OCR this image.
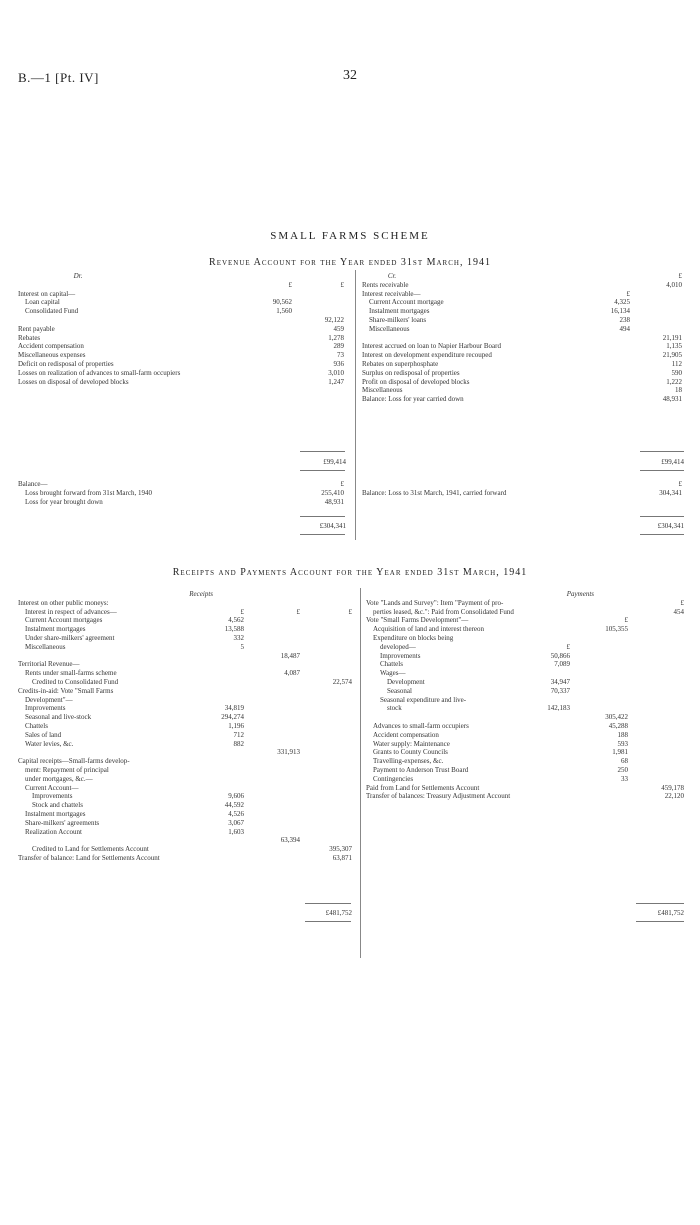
B.—1 [Pt. IV]	32
SMALL FARMS SCHEME
Revenue Account for the Year ended 31st March, 1941
Dr.
£	£
Interest on capital—
Loan capital	90,562
Consolidated Fund	1,560
92,122
Rent payable	459
Rebates	1,278
Accident compensation	289
Miscellaneous expenses	73
Deficit on redisposal of properties	936
Losses on realization of advances to small-farm occupiers	3,010
Losses on disposal of developed blocks	1,247
Cr.	£
Rents receivable	4,010
Interest receivable—	£
Current Account mortgage	4,325
Instalment mortgages	16,134
Share-milkers' loans	238
Miscellaneous	494
21,191
Interest accrued on loan to Napier Harbour Board	1,135
Interest on development expenditure recouped	21,905
Rebates on superphosphate	112
Surplus on redisposal of properties	590
Profit on disposal of developed blocks	1,222
Miscellaneous	18
Balance: Loss for year carried down	48,931
£99,414	£99,414
Balance—	£
Loss brought forward from 31st March, 1940	255,410
Loss for year brought down	48,931
£
Balance: Loss to 31st March, 1941, carried forward	304,341
£304,341	£304,341
Receipts and Payments Account for the Year ended 31st March, 1941
Receipts
Interest on other public moneys:
Interest in respect of advances—	£	£	£
Current Account mortgages	4,562
Instalment mortgages	13,588
Under share-milkers' agreement	332
Miscellaneous	5
18,487
Territorial Revenue—
Rents under small-farms scheme	4,087
Credited to Consolidated Fund	22,574
Credits-in-aid: Vote "Small Farms
Development"—
Improvements	34,819
Seasonal and live-stock	294,274
Chattels	1,196
Sales of land	712
Water levies, &c.	882
331,913
Capital receipts—Small-farms develop-
ment: Repayment of principal
under mortgages, &c.—
Current Account—
Improvements	9,606
Stock and chattels	44,592
Instalment mortgages	4,526
Share-milkers' agreements	3,067
Realization Account	1,603
63,394
Credited to Land for Settlements Account	395,307
Transfer of balance: Land for Settlements Account	63,871
Payments
Vote "Lands and Survey": Item "Payment of pro-	£
perties leased, &c.": Paid from Consolidated Fund	454
Vote "Small Farms Development"—	£
Acquisition of land and interest thereon	105,355
Expenditure on blocks being
developed—	£
Improvements	50,866
Chattels	7,089
Wages—
Development	34,947
Seasonal	70,337
Seasonal expenditure and live-
stock	142,183
305,422
Advances to small-farm occupiers	45,288
Accident compensation	188
Water supply: Maintenance	593
Grants to County Councils	1,981
Travelling-expenses, &c.	68
Payment to Anderson Trust Board	250
Contingencies	33
Paid from Land for Settlements Account	459,178
Transfer of balances: Treasury Adjustment Account	22,120
£481,752	£481,752
